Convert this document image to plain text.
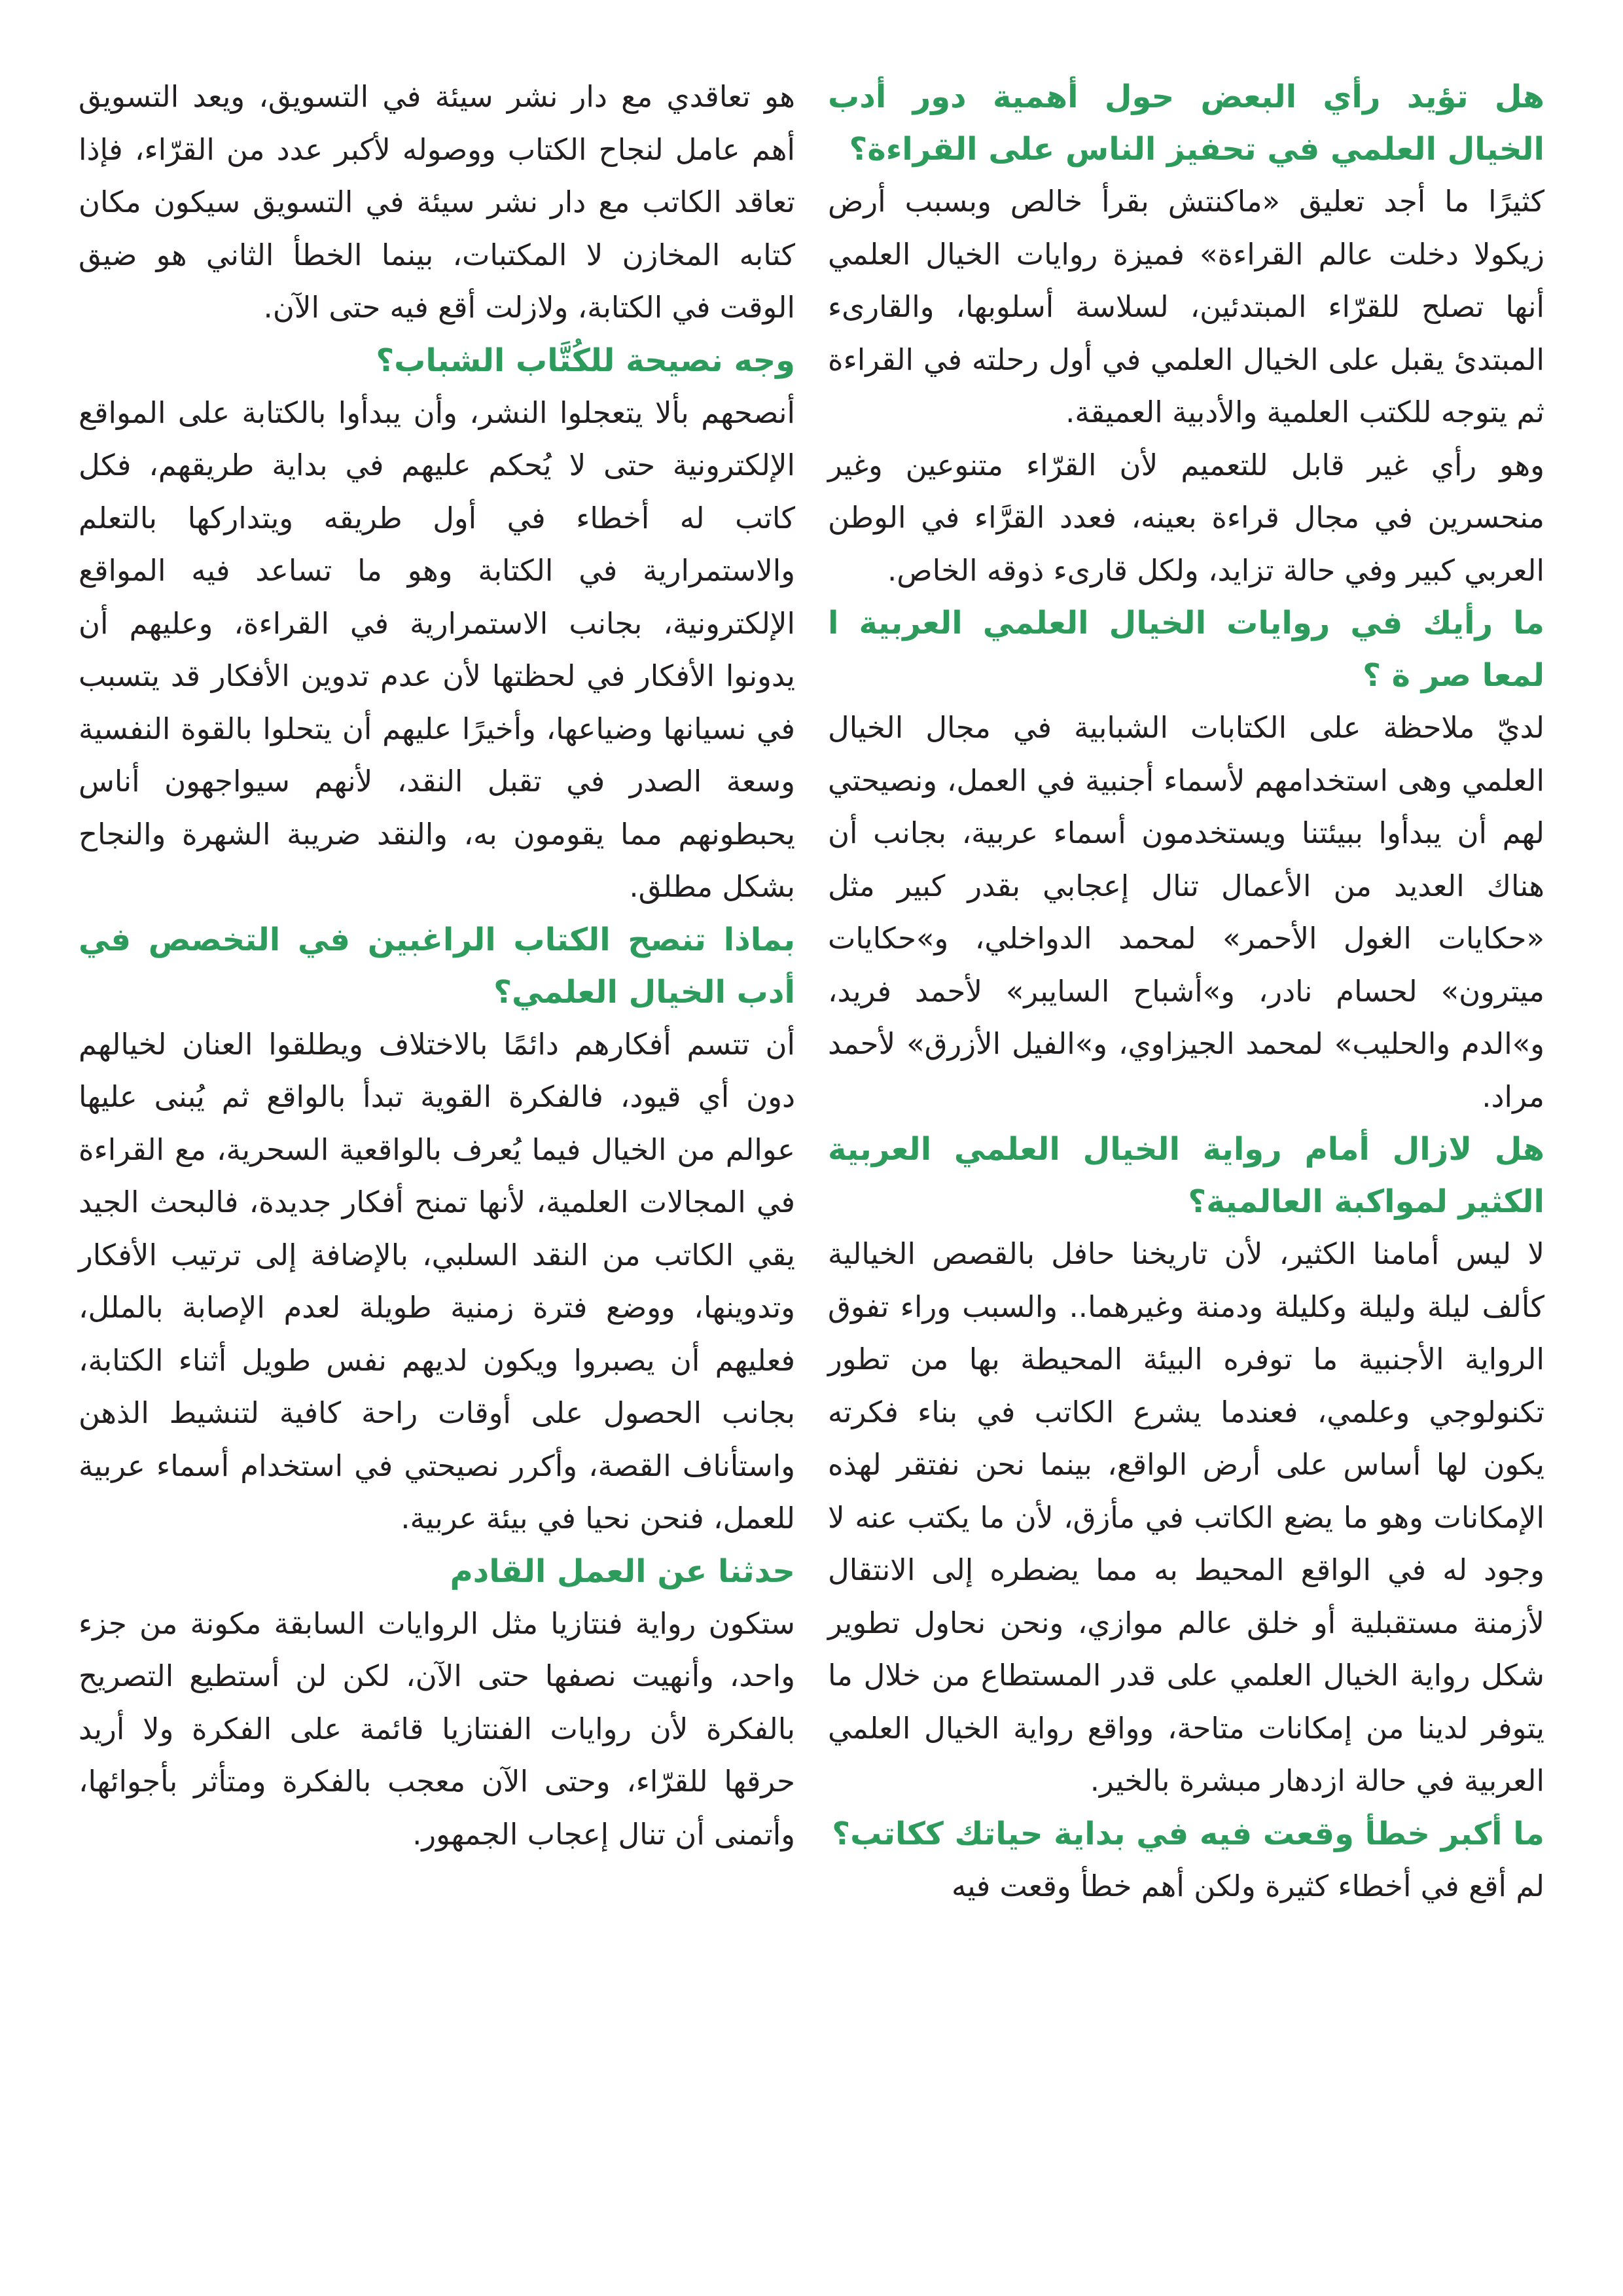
هل تؤيد رأي البعض حول أهمية دور أدب الخيال العلمي في تحفيز الناس على القراءة؟

كثيرًا ما أجد تعليق «ماكنتش بقرأ خالص وبسبب أرض زيكولا دخلت عالم القراءة» فميزة روايات الخيال العلمي أنها تصلح للقرّاء المبتدئين، لسلاسة أسلوبها، والقارىء المبتدئ يقبل على الخيال العلمي في أول رحلته في القراءة ثم يتوجه للكتب العلمية والأدبية العميقة.

وهو رأي غير قابل للتعميم لأن القرّاء متنوعين وغير منحسرين في مجال قراءة بعينه، فعدد القرَّاء في الوطن العربي كبير وفي حالة تزايد، ولكل قارىء ذوقه الخاص.

ما رأيك في روايات الخيال العلمي العربية ا لمعا صر ة ؟

لديّ ملاحظة على الكتابات الشبابية في مجال الخيال العلمي وهى استخدامهم لأسماء أجنبية في العمل، ونصيحتي لهم أن يبدأوا ببيئتنا ويستخدمون أسماء عربية، بجانب أن هناك العديد من الأعمال تنال إعجابي بقدر كبير مثل «حكايات الغول الأحمر» لمحمد الدواخلي، و»حكايات ميترون» لحسام نادر، و»أشباح السايبر» لأحمد فريد، و»الدم والحليب» لمحمد الجيزاوي، و»الفيل الأزرق» لأحمد مراد.

هل لازال أمام رواية الخيال العلمي العربية الكثير لمواكبة العالمية؟

لا ليس أمامنا الكثير، لأن تاريخنا حافل بالقصص الخيالية كألف ليلة وليلة وكليلة ودمنة وغيرهما.. والسبب وراء تفوق الرواية الأجنبية ما توفره البيئة المحيطة بها من تطور تكنولوجي وعلمي، فعندما يشرع الكاتب في بناء فكرته يكون لها أساس على أرض الواقع، بينما نحن نفتقر لهذه الإمكانات وهو ما يضع الكاتب في مأزق، لأن ما يكتب عنه لا وجود له في الواقع المحيط به مما يضطره إلى الانتقال لأزمنة مستقبلية أو خلق عالم موازي، ونحن نحاول تطوير شكل رواية الخيال العلمي على قدر المستطاع من خلال ما يتوفر لدينا من إمكانات متاحة، وواقع رواية الخيال العلمي العربية في حالة ازدهار مبشرة بالخير.

ما أكبر خطأ وقعت فيه في بداية حياتك ككاتب؟

لم أقع في أخطاء كثيرة ولكن أهم خطأ وقعت فيه

هو تعاقدي مع دار نشر سيئة في التسويق، ويعد التسويق أهم عامل لنجاح الكتاب ووصوله لأكبر عدد من القرّاء، فإذا تعاقد الكاتب مع دار نشر سيئة في التسويق سيكون مكان كتابه المخازن لا المكتبات، بينما الخطأ الثاني هو ضيق الوقت في الكتابة، ولازلت أقع فيه حتى الآن.

وجه نصيحة للكُتَّاب الشباب؟

أنصحهم بألا يتعجلوا النشر، وأن يبدأوا بالكتابة على المواقع الإلكترونية حتى لا يُحكم عليهم في بداية طريقهم، فكل كاتب له أخطاء في أول طريقه ويتداركها بالتعلم والاستمرارية في الكتابة وهو ما تساعد فيه المواقع الإلكترونية، بجانب الاستمرارية في القراءة، وعليهم أن يدونوا الأفكار في لحظتها لأن عدم تدوين الأفكار قد يتسبب في نسيانها وضياعها، وأخيرًا عليهم أن يتحلوا بالقوة النفسية وسعة الصدر في تقبل النقد، لأنهم سيواجهون أناس يحبطونهم مما يقومون به، والنقد ضريبة الشهرة والنجاح بشكل مطلق.

بماذا تنصح الكتاب الراغبين في التخصص في أدب الخيال العلمي؟

أن تتسم أفكارهم دائمًا بالاختلاف ويطلقوا العنان لخيالهم دون أي قيود، فالفكرة القوية تبدأ بالواقع ثم يُبنى عليها عوالم من الخيال فيما يُعرف بالواقعية السحرية، مع القراءة في المجالات العلمية، لأنها تمنح أفكار جديدة، فالبحث الجيد يقي الكاتب من النقد السلبي، بالإضافة إلى ترتيب الأفكار وتدوينها، ووضع فترة زمنية طويلة لعدم الإصابة بالملل، فعليهم أن يصبروا ويكون لديهم نفس طويل أثناء الكتابة، بجانب الحصول على أوقات راحة كافية لتنشيط الذهن واستأناف القصة، وأكرر نصيحتي في استخدام أسماء عربية للعمل، فنحن نحيا في بيئة عربية.

حدثنا عن العمل القادم

ستكون رواية فنتازيا مثل الروايات السابقة مكونة من جزء واحد، وأنهيت نصفها حتى الآن، لكن لن أستطيع التصريح بالفكرة لأن روايات الفنتازيا قائمة على الفكرة ولا أريد حرقها للقرّاء، وحتى الآن معجب بالفكرة ومتأثر بأجوائها، وأتمنى أن تنال إعجاب الجمهور.
